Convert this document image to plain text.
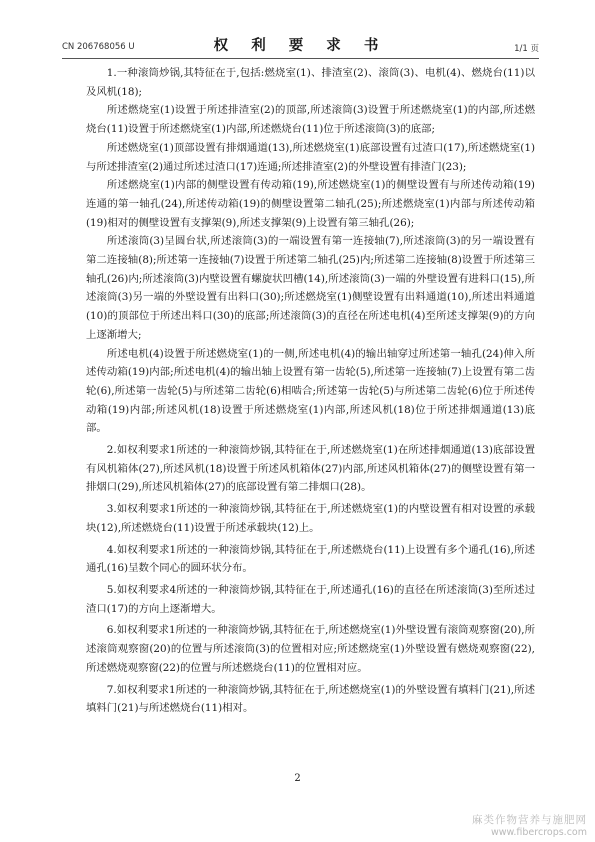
CN 206768056 U	权 利 要 求 书	1/1 页

1.一种滚筒炒锅,其特征在于,包括:燃烧室(1)、排渣室(2)、滚筒(3)、电机(4)、燃烧台(11)以及风机(18);

所述燃烧室(1)设置于所述排渣室(2)的顶部,所述滚筒(3)设置于所述燃烧室(1)的内部,所述燃烧台(11)设置于所述燃烧室(1)内部,所述燃烧台(11)位于所述滚筒(3)的底部;

所述燃烧室(1)顶部设置有排烟通道(13),所述燃烧室(1)底部设置有过渣口(17),所述燃烧室(1)与所述排渣室(2)通过所述过渣口(17)连通;所述排渣室(2)的外壁设置有排渣门(23);

所述燃烧室(1)内部的侧壁设置有传动箱(19),所述燃烧室(1)的侧壁设置有与所述传动箱(19)连通的第一轴孔(24),所述传动箱(19)的侧壁设置第二轴孔(25);所述燃烧室(1)内部与所述传动箱(19)相对的侧壁设置有支撑架(9),所述支撑架(9)上设置有第三轴孔(26);

所述滚筒(3)呈圆台状,所述滚筒(3)的一端设置有第一连接轴(7),所述滚筒(3)的另一端设置有第二连接轴(8);所述第一连接轴(7)设置于所述第二轴孔(25)内;所述第二连接轴(8)设置于所述第三轴孔(26)内;所述滚筒(3)内壁设置有螺旋状凹槽(14),所述滚筒(3)一端的外壁设置有进料口(15),所述滚筒(3)另一端的外壁设置有出料口(30);所述燃烧室(1)侧壁设置有出料通道(10),所述出料通道(10)的顶部位于所述出料口(30)的底部;所述滚筒(3)的直径在所述电机(4)至所述支撑架(9)的方向上逐渐增大;

所述电机(4)设置于所述燃烧室(1)的一侧,所述电机(4)的输出轴穿过所述第一轴孔(24)伸入所述传动箱(19)内部;所述电机(4)的输出轴上设置有第一齿轮(5),所述第一连接轴(7)上设置有第二齿轮(6),所述第一齿轮(5)与所述第二齿轮(6)相啮合;所述第一齿轮(5)与所述第二齿轮(6)位于所述传动箱(19)内部;所述风机(18)设置于所述燃烧室(1)内部,所述风机(18)位于所述排烟通道(13)底部。

2.如权利要求1所述的一种滚筒炒锅,其特征在于,所述燃烧室(1)在所述排烟通道(13)底部设置有风机箱体(27),所述风机(18)设置于所述风机箱体(27)内部,所述风机箱体(27)的侧壁设置有第一排烟口(29),所述风机箱体(27)的底部设置有第二排烟口(28)。

3.如权利要求1所述的一种滚筒炒锅,其特征在于,所述燃烧室(1)的内壁设置有相对设置的承载块(12),所述燃烧台(11)设置于所述承载块(12)上。

4.如权利要求1所述的一种滚筒炒锅,其特征在于,所述燃烧台(11)上设置有多个通孔(16),所述通孔(16)呈数个同心的圆环状分布。

5.如权利要求4所述的一种滚筒炒锅,其特征在于,所述通孔(16)的直径在所述滚筒(3)至所述过渣口(17)的方向上逐渐增大。

6.如权利要求1所述的一种滚筒炒锅,其特征在于,所述燃烧室(1)外壁设置有滚筒观察窗(20),所述滚筒观察窗(20)的位置与所述滚筒(3)的位置相对应;所述燃烧室(1)外壁设置有燃烧观察窗(22),所述燃烧观察窗(22)的位置与所述燃烧台(11)的位置相对应。

7.如权利要求1所述的一种滚筒炒锅,其特征在于,所述燃烧室(1)的外壁设置有填料门(21),所述填料门(21)与所述燃烧台(11)相对。

2
麻类作物营养与施肥网
www.fibercrops.com
